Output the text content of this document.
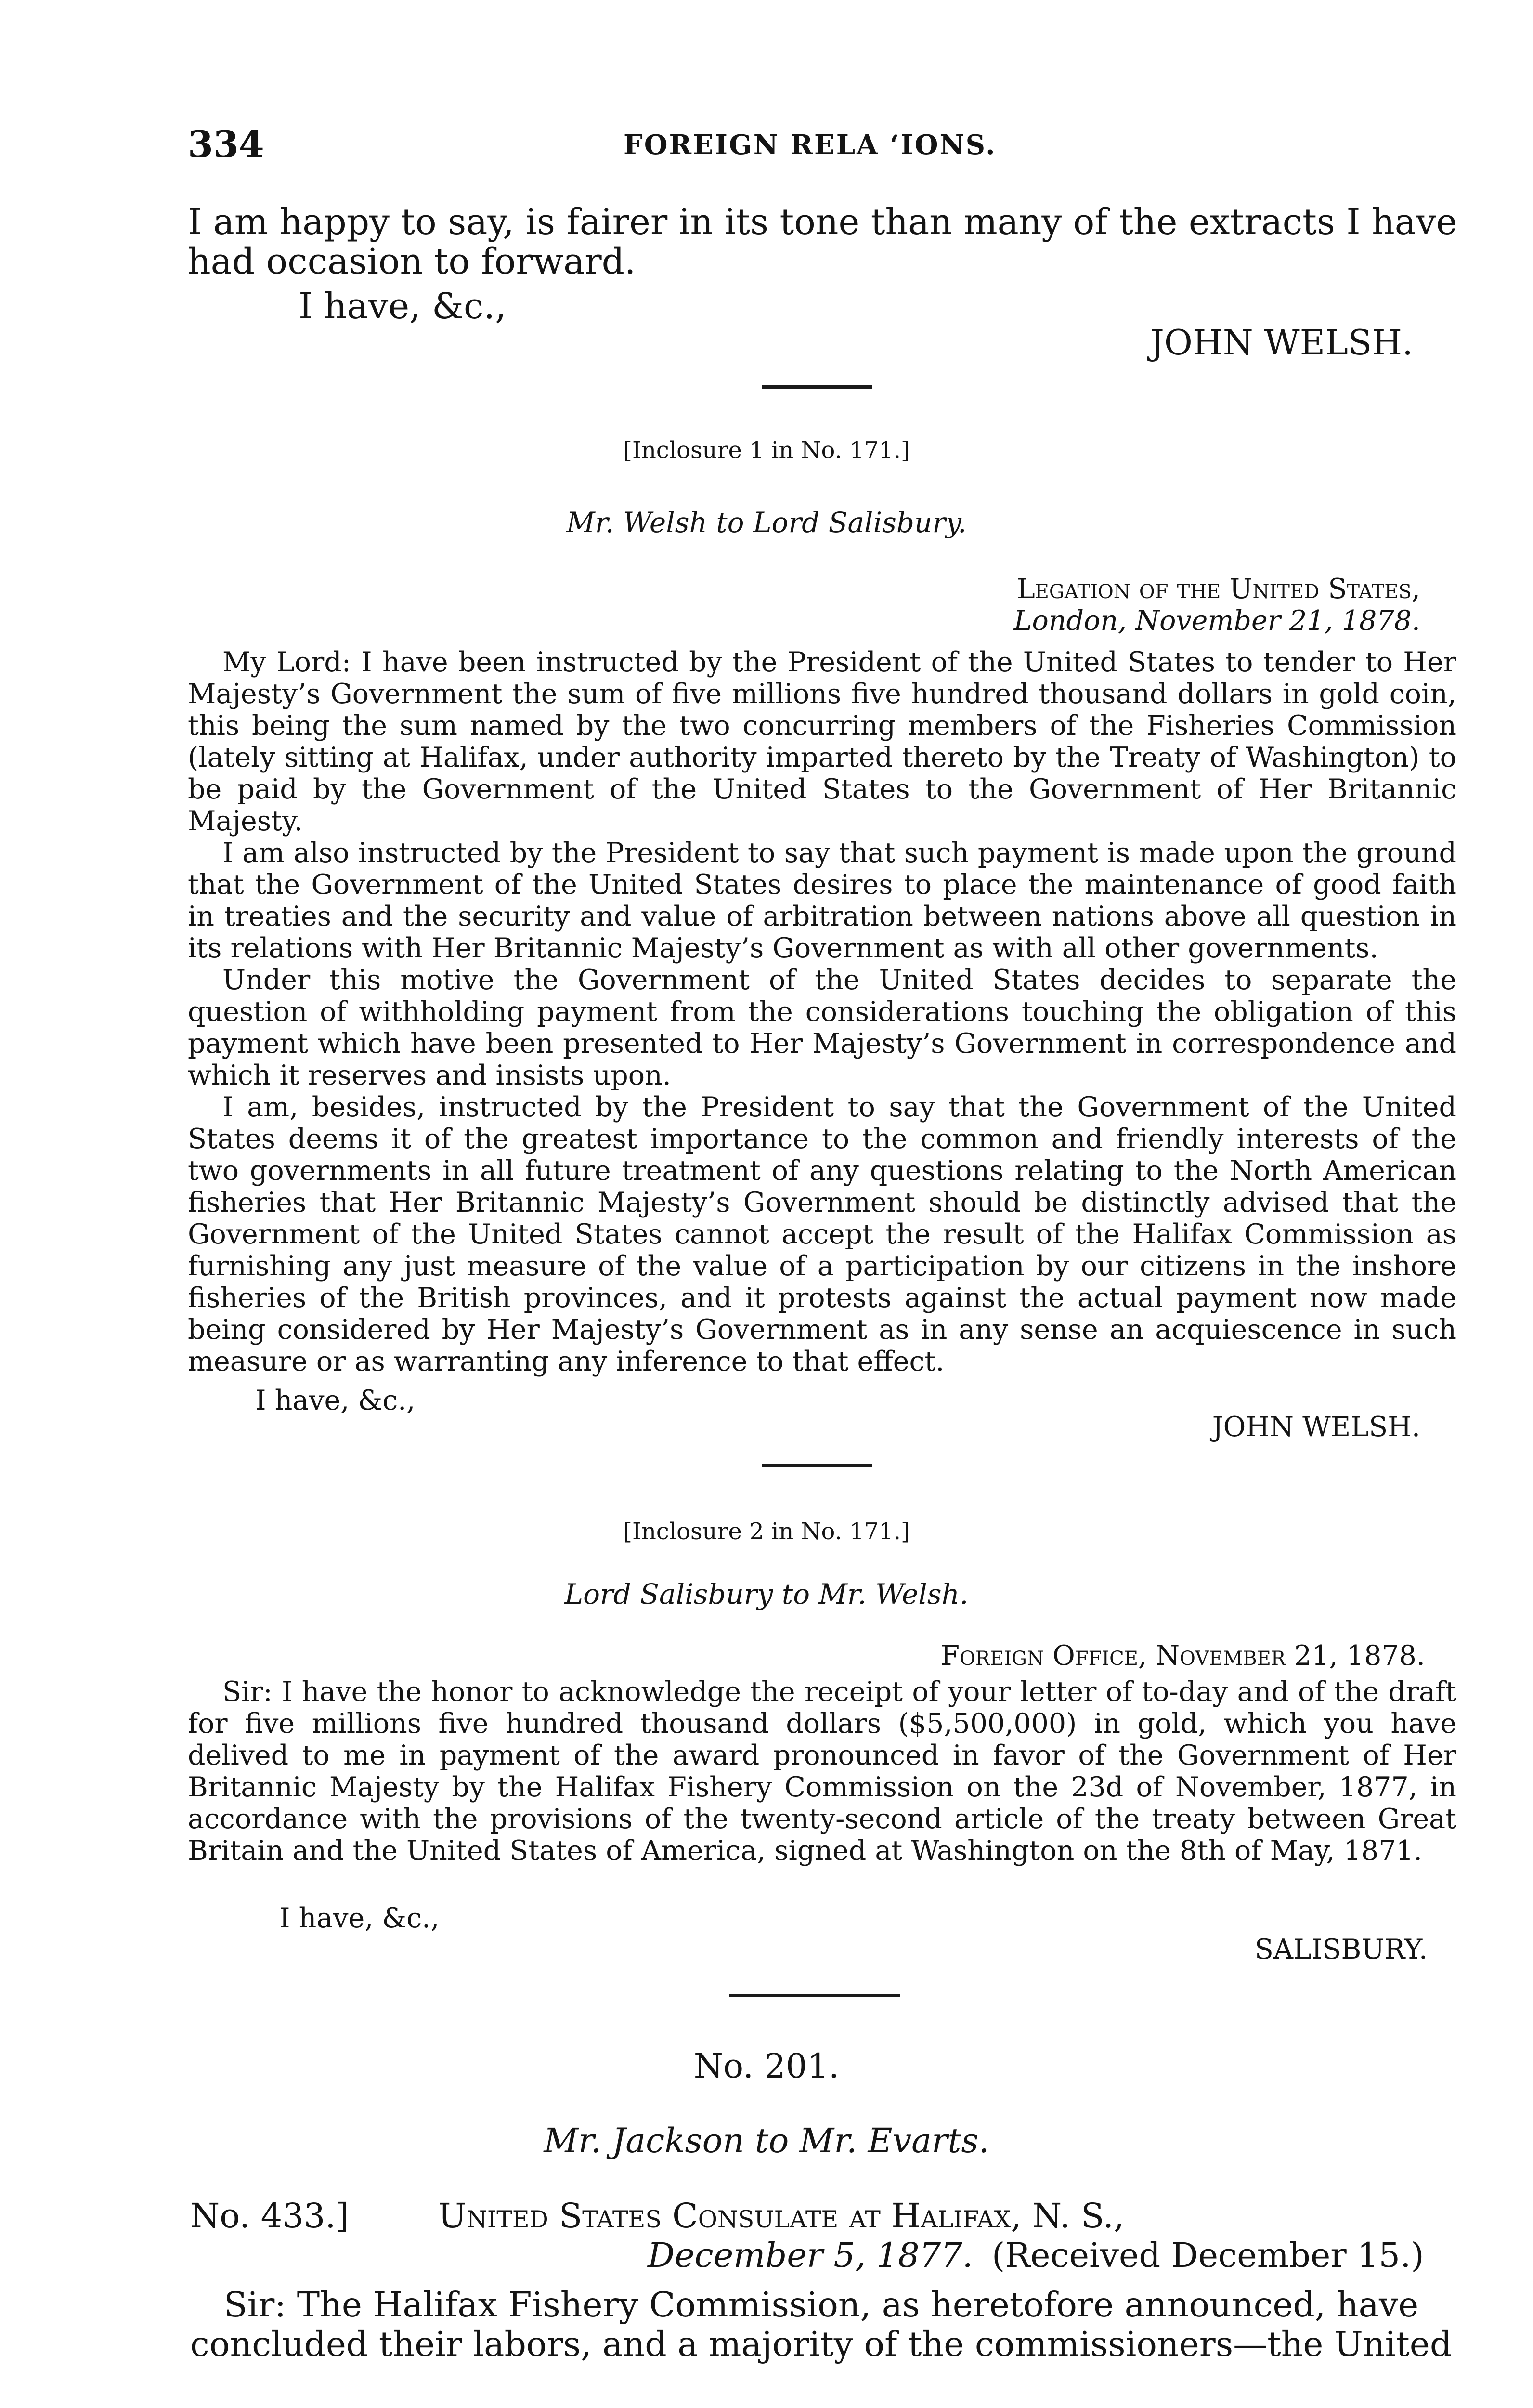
334	FOREIGN RELA ‘IONS.
I am happy to say, is fairer in its tone than many of the extracts I have
had occasion to forward.
I have, &c.,
JOHN WELSH.
[Inclosure 1 in No. 171.]
Mr. Welsh to Lord Salisbury.
Legation of the United States,
London, November 21, 1878.

My Lord: I have been instructed by the President of the United States to tender to Her Majesty’s Government the sum of five millions five hundred thousand dollars in gold coin, this being the sum named by the two concurring members of the Fisheries Commission (lately sitting at Halifax, under authority imparted thereto by the Treaty of Washington) to be paid by the Government of the United States to the Government of Her Britannic Majesty.

I am also instructed by the President to say that such payment is made upon the ground that the Government of the United States desires to place the maintenance of good faith in treaties and the security and value of arbitration between nations above all question in its relations with Her Britannic Majesty’s Government as with all other governments.

Under this motive the Government of the United States decides to separate the question of withholding payment from the considerations touching the obligation of this payment which have been presented to Her Majesty’s Government in correspondence and which it reserves and insists upon.

I am, besides, instructed by the President to say that the Government of the United States deems it of the greatest importance to the common and friendly interests of the two governments in all future treatment of any questions relating to the North American fisheries that Her Britannic Majesty’s Government should be distinctly advised that the Government of the United States cannot accept the result of the Halifax Commission as furnishing any just measure of the value of a participation by our citizens in the inshore fisheries of the British provinces, and it protests against the actual payment now made being considered by Her Majesty’s Government as in any sense an acquiescence in such measure or as warranting any inference to that effect.

I have, &c.,
JOHN WELSH.
[Inclosure 2 in No. 171.]
Lord Salisbury to Mr. Welsh.
Foreign Office, November 21, 1878.

Sir: I have the honor to acknowledge the receipt of your letter of to-day and of the draft for five millions five hundred thousand dollars ($5,500,000) in gold, which you have delived to me in payment of the award pronounced in favor of the Government of Her Britannic Majesty by the Halifax Fishery Commission on the 23d of November, 1877, in accordance with the provisions of the twenty-second article of the treaty between Great Britain and the United States of America, signed at Washington on the 8th of May, 1871.

I have, &c.,
SALISBURY.
No. 201.
Mr. Jackson to Mr. Evarts.
No. 433.]	United States Consulate at Halifax, N. S.,
December 5, 1877. (Received December 15.)
Sir: The Halifax Fishery Commission, as heretofore announced, have
concluded their labors, and a majority of the commissioners—the United
